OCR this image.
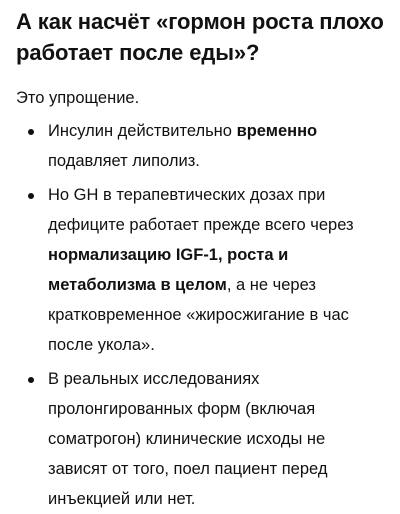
А как насчёт «гормон роста плохо работает после еды»?

Это упрощение.

Инсулин действительно временно подавляет липолиз.
Но GH в терапевтических дозах при дефиците работает прежде всего через нормализацию IGF-1, роста и метаболизма в целом, а не через кратковременное «жиросжигание в час после укола».
В реальных исследованиях пролонгированных форм (включая соматрогон) клинические исходы не зависят от того, поел пациент перед инъекцией или нет.
